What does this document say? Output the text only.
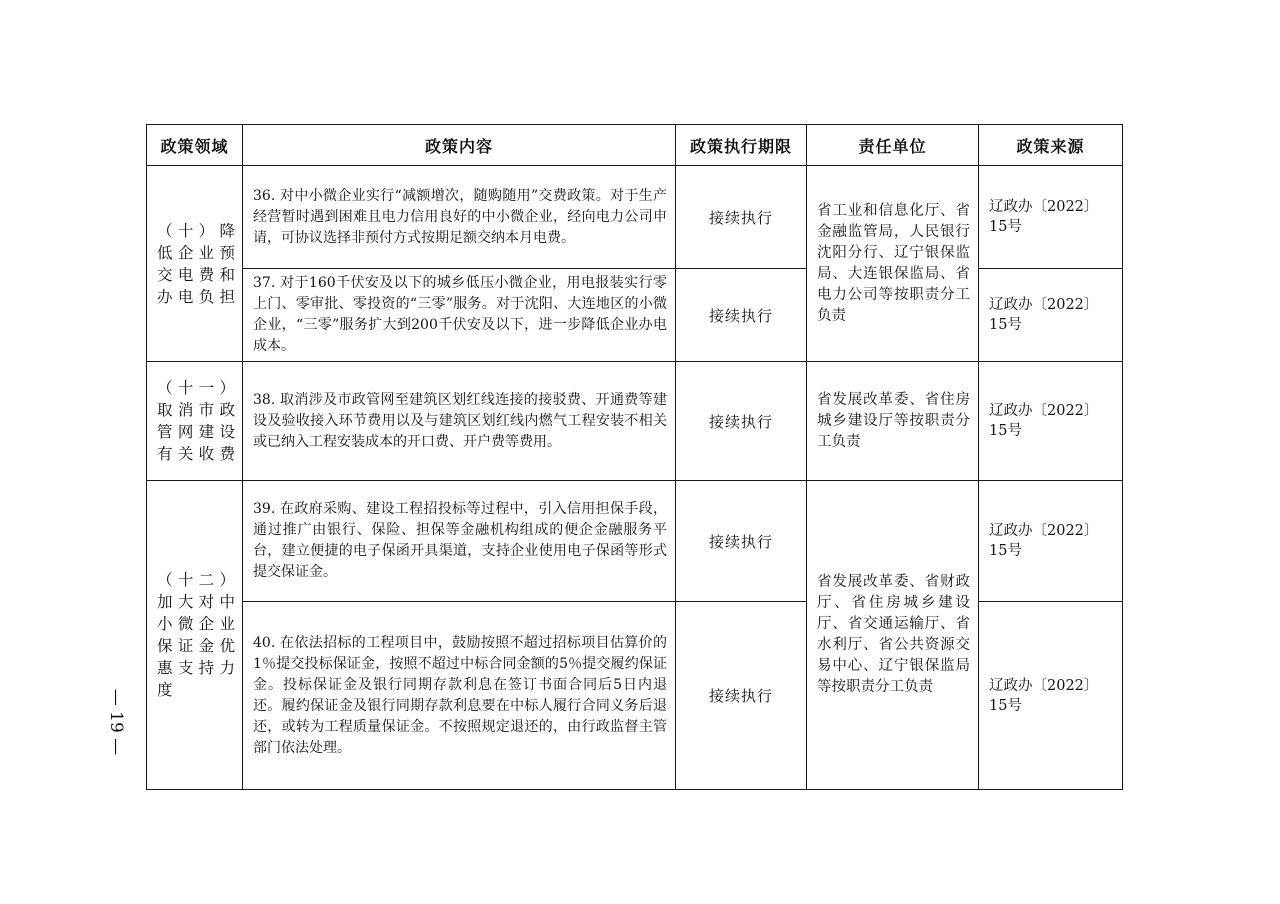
政策领域	政策内容	政策执行期限	责任单位	政策来源
（十）降低企业预交电费和办电负担	36. 对中小微企业实行“减额增次，随购随用”交费政策。对于生产经营暂时遇到困难且电力信用良好的中小微企业，经向电力公司申请，可协议选择非预付方式按期足额交纳本月电费。	接续执行	省工业和信息化厅、省金融监管局，人民银行沈阳分行、辽宁银保监局、大连银保监局、省电力公司等按职责分工负责	辽政办〔2022〕15号
	37. 对于160千伏安及以下的城乡低压小微企业，用电报装实行零上门、零审批、零投资的“三零”服务。对于沈阳、大连地区的小微企业，“三零”服务扩大到200千伏安及以下，进一步降低企业办电成本。	接续执行		辽政办〔2022〕15号
（十一）取消市政管网建设有关收费	38. 取消涉及市政管网至建筑区划红线连接的接驳费、开通费等建设及验收接入环节费用以及与建筑区划红线内燃气工程安装不相关或已纳入工程安装成本的开口费、开户费等费用。	接续执行	省发展改革委、省住房城乡建设厅等按职责分工负责	辽政办〔2022〕15号
（十二）加大对中小微企业保证金优惠支持力度	39. 在政府采购、建设工程招投标等过程中，引入信用担保手段，通过推广由银行、保险、担保等金融机构组成的便企金融服务平台，建立便捷的电子保函开具渠道，支持企业使用电子保函等形式提交保证金。	接续执行	省发展改革委、省财政厅、省住房城乡建设厅、省交通运输厅、省水利厅、省公共资源交易中心、辽宁银保监局等按职责分工负责	辽政办〔2022〕15号
	40. 在依法招标的工程项目中，鼓励按照不超过招标项目估算价的1％提交投标保证金，按照不超过中标合同金额的5％提交履约保证金。投标保证金及银行同期存款利息在签订书面合同后5日内退还。履约保证金及银行同期存款利息要在中标人履行合同义务后退还，或转为工程质量保证金。不按照规定退还的，由行政监督主管部门依法处理。	接续执行		辽政办〔2022〕15号
— 19 —
